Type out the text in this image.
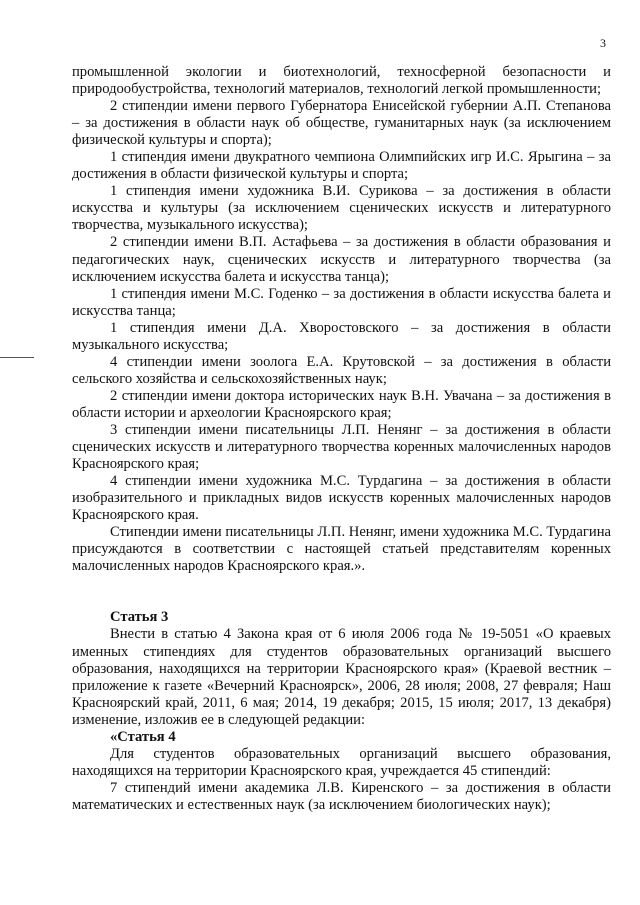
3

промышленной экологии и биотехнологий, техносферной безопасности и природообустройства, технологий материалов, технологий легкой промышленности;

2 стипендии имени первого Губернатора Енисейской губернии А.П. Степанова – за достижения в области наук об обществе, гуманитарных наук (за исключением физической культуры и спорта);

1 стипендия имени двукратного чемпиона Олимпийских игр И.С. Ярыгина – за достижения в области физической культуры и спорта;

1 стипендия имени художника В.И. Сурикова – за достижения в области искусства и культуры (за исключением сценических искусств и литературного творчества, музыкального искусства);

2 стипендии имени В.П. Астафьева – за достижения в области образования и педагогических наук, сценических искусств и литературного творчества (за исключением искусства балета и искусства танца);

1 стипендия имени М.С. Годенко – за достижения в области искусства балета и искусства танца;

1 стипендия имени Д.А. Хворостовского – за достижения в области музыкального искусства;

4 стипендии имени зоолога Е.А. Крутовской – за достижения в области сельского хозяйства и сельскохозяйственных наук;

2 стипендии имени доктора исторических наук В.Н. Увачана – за достижения в области истории и археологии Красноярского края;

3 стипендии имени писательницы Л.П. Ненянг – за достижения в области сценических искусств и литературного творчества коренных малочисленных народов Красноярского края;

4 стипендии имени художника М.С. Турдагина – за достижения в области изобразительного и прикладных видов искусств коренных малочисленных народов Красноярского края.

Стипендии имени писательницы Л.П. Ненянг, имени художника М.С. Турдагина присуждаются в соответствии с настоящей статьей представителям коренных малочисленных народов Красноярского края.».

Статья 3

Внести в статью 4 Закона края от 6 июля 2006 года № 19-5051 «О краевых именных стипендиях для студентов образовательных организаций высшего образования, находящихся на территории Красноярского края» (Краевой вестник – приложение к газете «Вечерний Красноярск», 2006, 28 июля; 2008, 27 февраля; Наш Красноярский край, 2011, 6 мая; 2014, 19 декабря; 2015, 15 июля; 2017, 13 декабря) изменение, изложив ее в следующей редакции:

«Статья 4

Для студентов образовательных организаций высшего образования, находящихся на территории Красноярского края, учреждается 45 стипендий:

7 стипендий имени академика Л.В. Киренского – за достижения в области математических и естественных наук (за исключением биологических наук);
